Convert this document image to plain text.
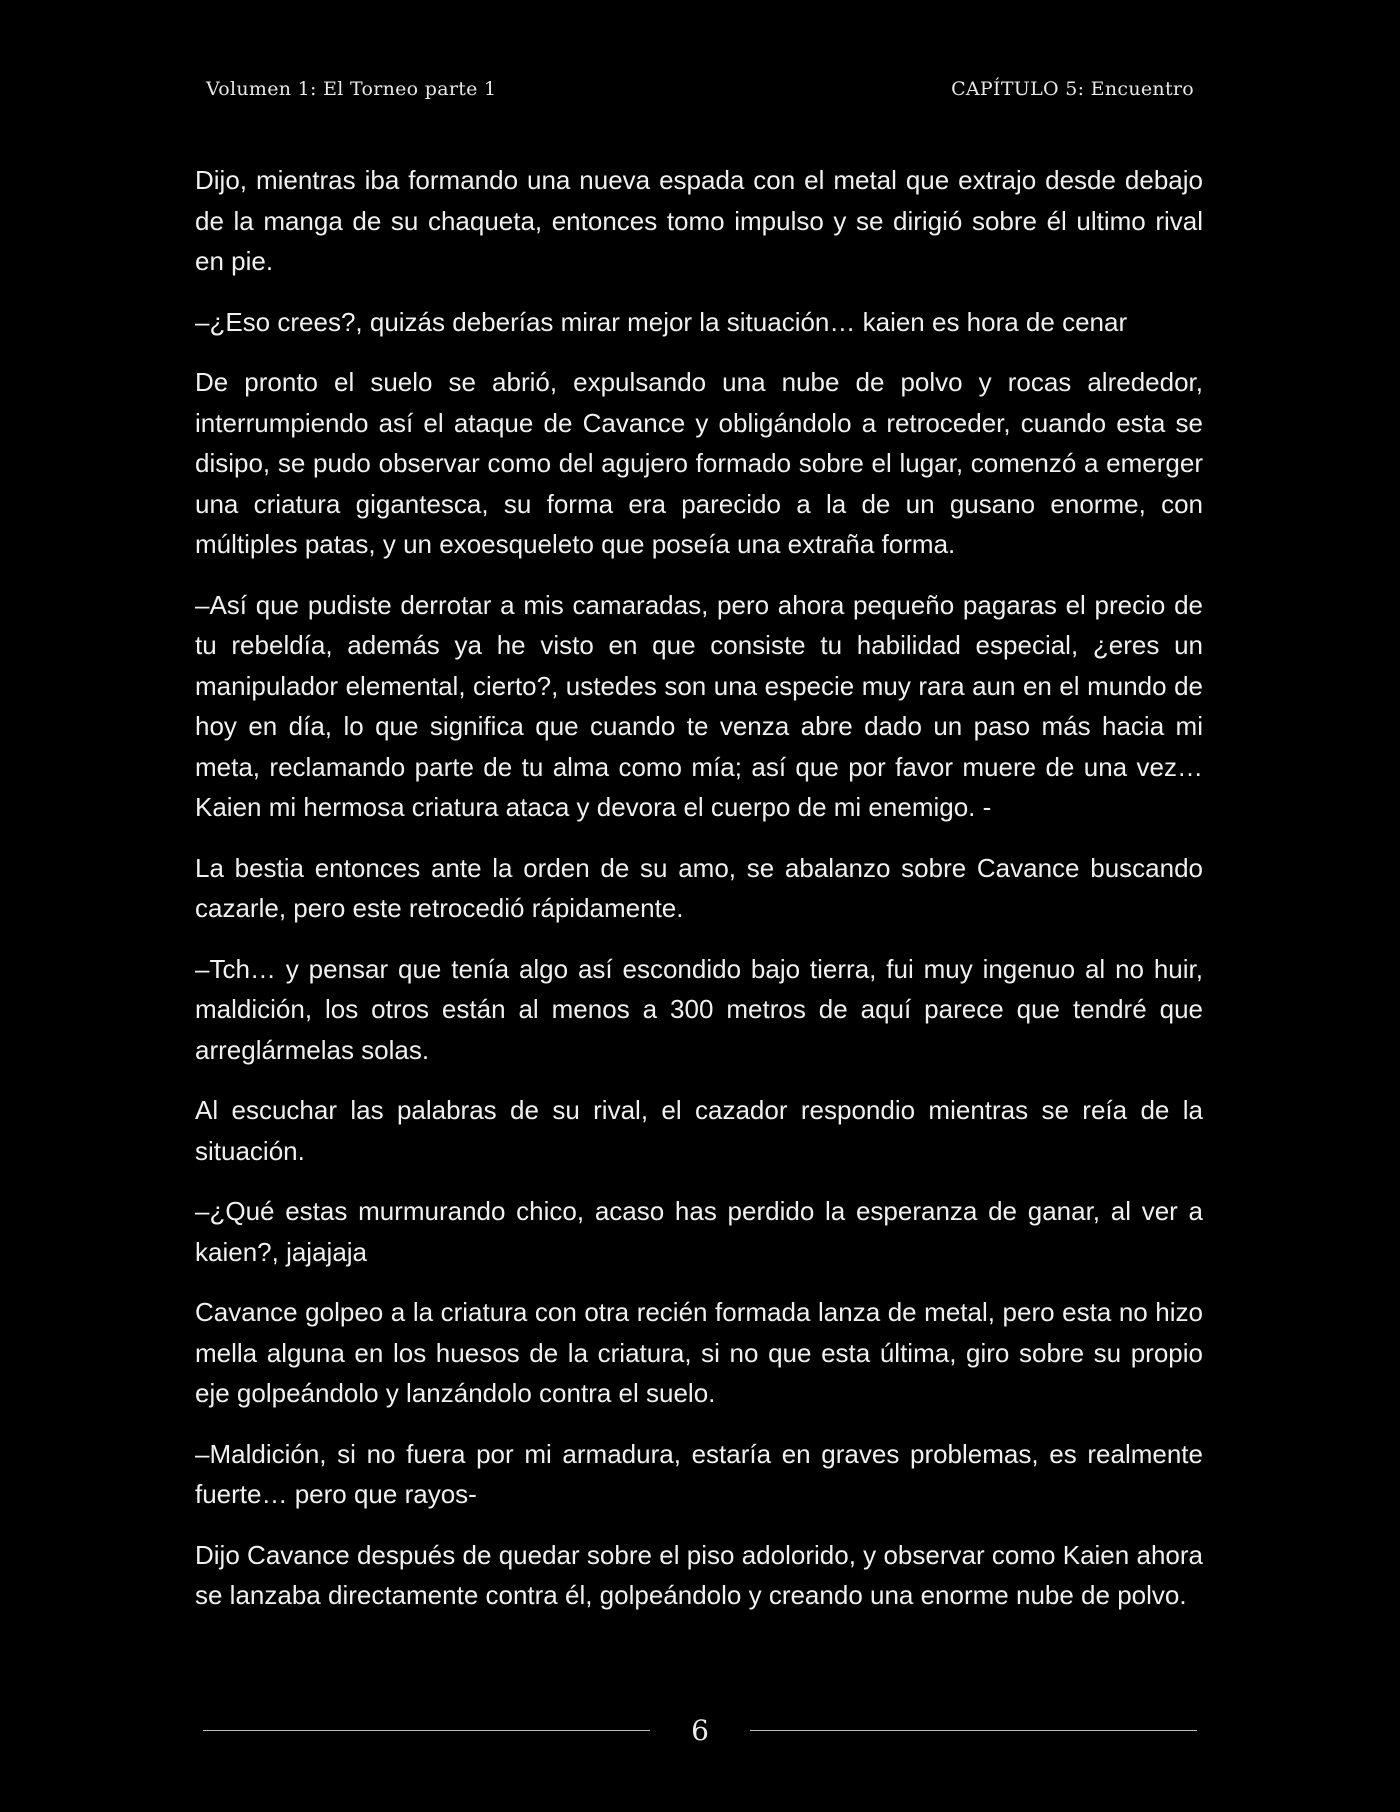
Volumen 1: El Torneo parte 1	CAPÍTULO 5: Encuentro

Dijo, mientras iba formando una nueva espada con el metal que extrajo desde debajo de la manga de su chaqueta, entonces tomo impulso y se dirigió sobre él ultimo rival en pie.

–¿Eso crees?, quizás deberías mirar mejor la situación… kaien es hora de cenar

De pronto el suelo se abrió, expulsando una nube de polvo y rocas alrededor, interrumpiendo así el ataque de Cavance y obligándolo a retroceder, cuando esta se disipo, se pudo observar como del agujero formado sobre el lugar, comenzó a emerger una criatura gigantesca, su forma era parecido a la de un gusano enorme, con múltiples patas, y un exoesqueleto que poseía una extraña forma.

–Así que pudiste derrotar a mis camaradas, pero ahora pequeño pagaras el precio de tu rebeldía, además ya he visto en que consiste tu habilidad especial, ¿eres un manipulador elemental, cierto?, ustedes son una especie muy rara aun en el mundo de hoy en día, lo que significa que cuando te venza abre dado un paso más hacia mi meta, reclamando parte de tu alma como mía; así que por favor muere de una vez… Kaien mi hermosa criatura ataca y devora el cuerpo de mi enemigo. -

La bestia entonces ante la orden de su amo, se abalanzo sobre Cavance buscando cazarle, pero este retrocedió rápidamente.

–Tch… y pensar que tenía algo así escondido bajo tierra, fui muy ingenuo al no huir, maldición, los otros están al menos a 300 metros de aquí parece que tendré que arreglármelas solas.

Al escuchar las palabras de su rival, el cazador respondio mientras se reía de la situación.

–¿Qué estas murmurando chico, acaso has perdido la esperanza de ganar, al ver a kaien?, jajajaja

Cavance golpeo a la criatura con otra recién formada lanza de metal, pero esta no hizo mella alguna en los huesos de la criatura, si no que esta última, giro sobre su propio eje golpeándolo y lanzándolo contra el suelo.

–Maldición, si no fuera por mi armadura, estaría en graves problemas, es realmente fuerte… pero que rayos-

Dijo Cavance después de quedar sobre el piso adolorido, y observar como Kaien ahora se lanzaba directamente contra él, golpeándolo y creando una enorme nube de polvo.

6
